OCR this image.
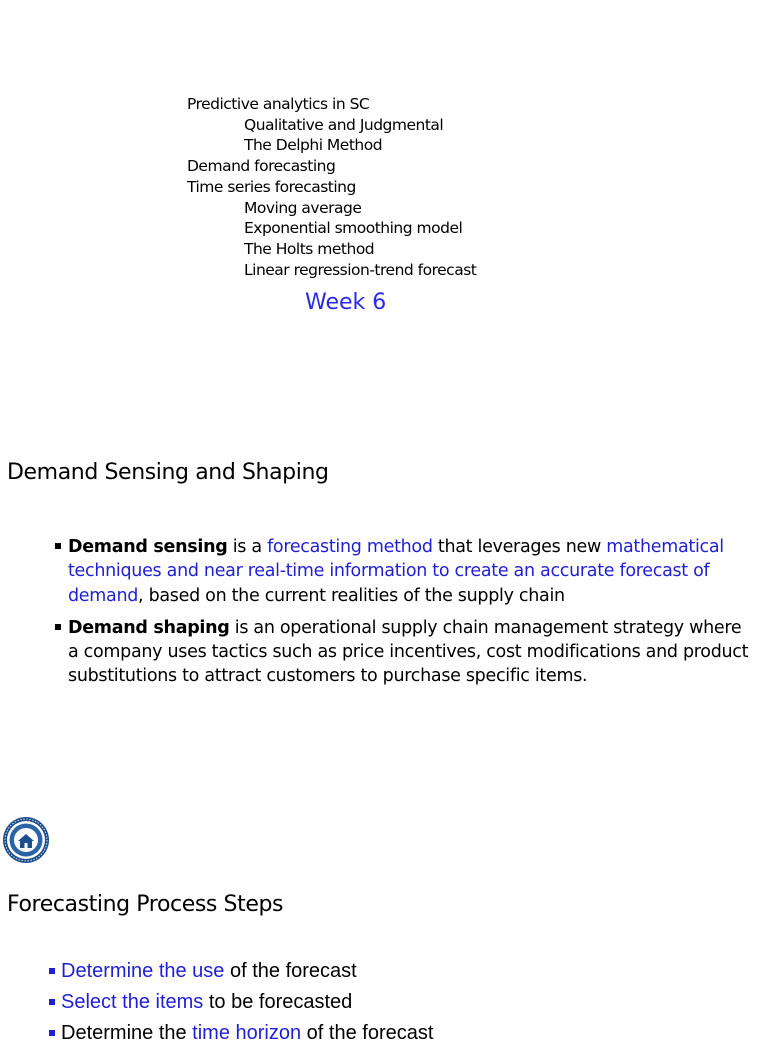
Predictive analytics in SC
Qualitative and Judgmental
The Delphi Method
Demand forecasting
Time series forecasting
Moving average
Exponential smoothing model
The Holts method
Linear regression-trend forecast
Week 6
Demand Sensing and Shaping
Demand sensing is a forecasting method that leverages new mathematical techniques and near real-time information to create an accurate forecast of demand, based on the current realities of the supply chain
Demand shaping is an operational supply chain management strategy where a company uses tactics such as price incentives, cost modifications and product substitutions to attract customers to purchase specific items.
Forecasting Process Steps
Determine the use of the forecast
Select the items to be forecasted
Determine the time horizon of the forecast
